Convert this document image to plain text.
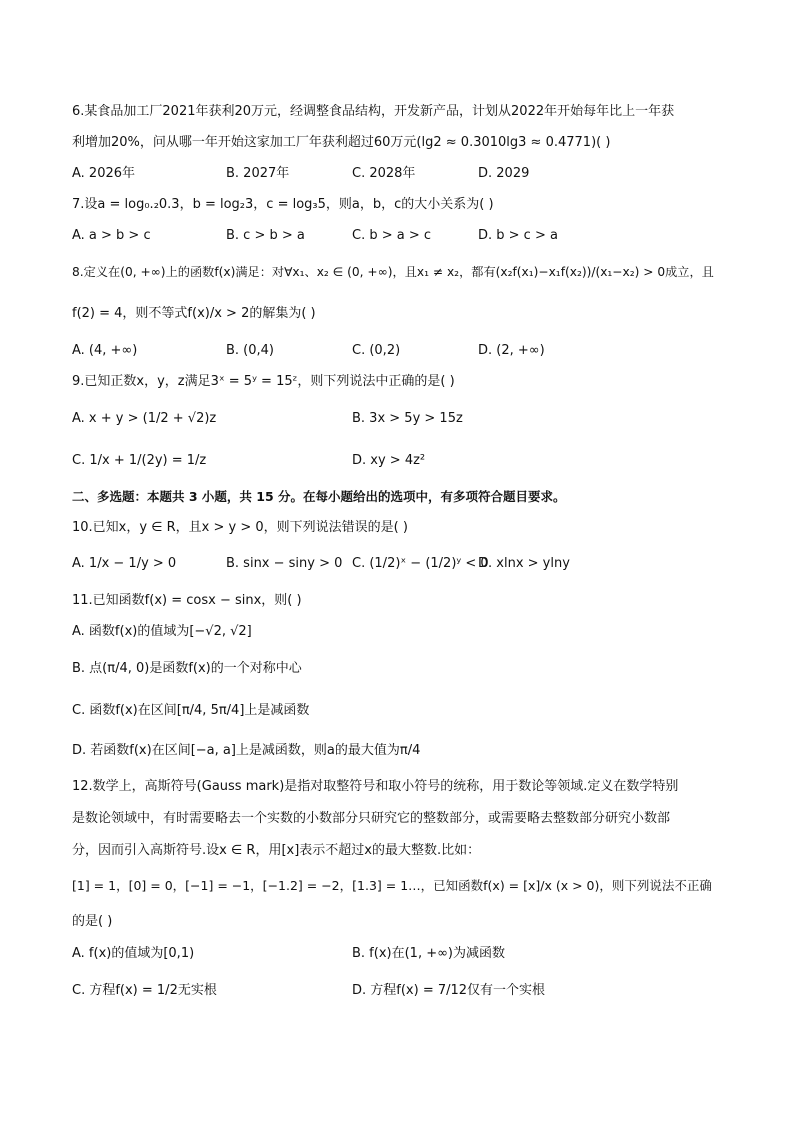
6.某食品加工厂2021年获利20万元，经调整食品结构，开发新产品，计划从2022年开始每年比上一年获
利增加20%，问从哪一年开始这家加工厂年获利超过60万元(lg2 ≈ 0.3010lg3 ≈ 0.4771)( )
A. 2026年	B. 2027年	C. 2028年	D. 2029
7.设a = log₀.₂0.3，b = log₂3，c = log₃5，则a，b，c的大小关系为( )
A. a > b > c	B. c > b > a	C. b > a > c	D. b > c > a
8.定义在(0, +∞)上的函数f(x)满足：对∀x₁、x₂ ∈ (0, +∞)，且x₁ ≠ x₂，都有(x₂f(x₁)−x₁f(x₂))/(x₁−x₂) > 0成立，且
f(2) = 4，则不等式f(x)/x > 2的解集为( )
A. (4, +∞)	B. (0,4)	C. (0,2)	D. (2, +∞)
9.已知正数x，y，z满足3ˣ = 5ʸ = 15ᶻ，则下列说法中正确的是( )
A. x + y > (1/2 + √2)z	B. 3x > 5y > 15z
C. 1/x + 1/(2y) = 1/z	D. xy > 4z²
二、多选题：本题共 3 小题，共 15 分。在每小题给出的选项中，有多项符合题目要求。
10.已知x，y ∈ R，且x > y > 0，则下列说法错误的是( )
A. 1/x − 1/y > 0	B. sinx − siny > 0 C. (1/2)ˣ − (1/2)ʸ < 0
D. xlnx > ylny
11.已知函数f(x) = cosx − sinx，则( )
A. 函数f(x)的值域为[−√2, √2]
B. 点(π/4, 0)是函数f(x)的一个对称中心
C. 函数f(x)在区间[π/4, 5π/4]上是减函数
D. 若函数f(x)在区间[−a, a]上是减函数，则a的最大值为π/4
12.数学上，高斯符号(Gauss mark)是指对取整符号和取小符号的统称，用于数论等领域.定义在数学特别
是数论领域中，有时需要略去一个实数的小数部分只研究它的整数部分，或需要略去整数部分研究小数部
分，因而引入高斯符号.设x ∈ R，用[x]表示不超过x的最大整数.比如：
[1] = 1，[0] = 0，[−1] = −1，[−1.2] = −2，[1.3] = 1…，已知函数f(x) = [x]/x (x > 0)，则下列说法不正确
的是( )
A. f(x)的值域为[0,1)	B. f(x)在(1, +∞)为减函数
C. 方程f(x) = 1/2无实根	D. 方程f(x) = 7/12仅有一个实根
